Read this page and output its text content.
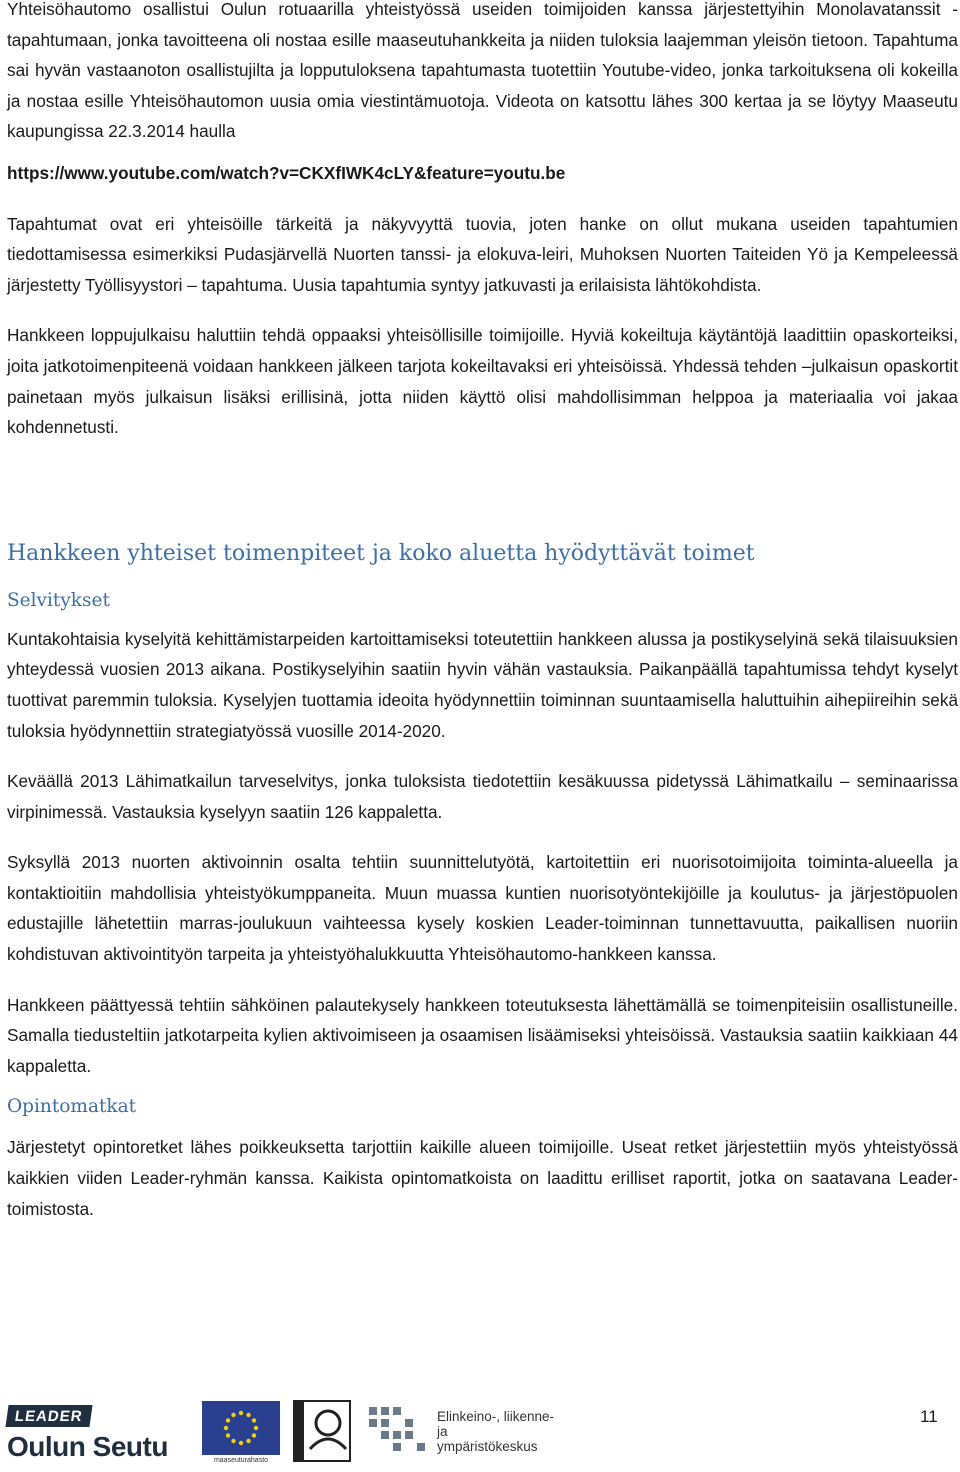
Yhteisöhautomo osallistui Oulun rotuaarilla yhteistyössä useiden toimijoiden kanssa järjestettyihin Monolavatanssit -tapahtumaan, jonka tavoitteena oli nostaa esille maaseutuhankkeita ja niiden tuloksia laajemman yleisön tietoon. Tapahtuma sai hyvän vastaanoton osallistujilta ja lopputuloksena tapahtumasta tuotettiin Youtube-video, jonka tarkoituksena oli kokeilla ja nostaa esille Yhteisöhautomon uusia omia viestintämuotoja. Videota on katsottu lähes 300 kertaa ja se löytyy Maaseutu kaupungissa 22.3.2014 haulla

https://www.youtube.com/watch?v=CKXfIWK4cLY&feature=youtu.be

Tapahtumat ovat eri yhteisöille tärkeitä ja näkyvyyttä tuovia, joten hanke on ollut mukana useiden tapahtumien tiedottamisessa esimerkiksi Pudasjärvellä Nuorten tanssi- ja elokuva-leiri, Muhoksen Nuorten Taiteiden Yö ja Kempeleessä järjestetty Työllisyystori – tapahtuma. Uusia tapahtumia syntyy jatkuvasti ja erilaisista lähtökohdista.

Hankkeen loppujulkaisu haluttiin tehdä oppaaksi yhteisöllisille toimijoille. Hyviä kokeiltuja käytäntöjä laadittiin opaskorteiksi, joita jatkotoimenpiteenä voidaan hankkeen jälkeen tarjota kokeiltavaksi eri yhteisöissä. Yhdessä tehden –julkaisun opaskortit painetaan myös julkaisun lisäksi erillisinä, jotta niiden käyttö olisi mahdollisimman helppoa ja materiaalia voi jakaa kohdennetusti.

Hankkeen yhteiset toimenpiteet ja koko aluetta hyödyttävät toimet
Selvitykset

Kuntakohtaisia kyselyitä kehittämistarpeiden kartoittamiseksi toteutettiin hankkeen alussa ja postikyselyinä sekä tilaisuuksien yhteydessä vuosien 2013 aikana. Postikyselyihin saatiin hyvin vähän vastauksia. Paikanpäällä tapahtumissa tehdyt kyselyt tuottivat paremmin tuloksia. Kyselyjen tuottamia ideoita hyödynnettiin toiminnan suuntaamisella haluttuihin aihepiireihin sekä tuloksia hyödynnettiin strategiatyössä vuosille 2014-2020.

Keväällä 2013 Lähimatkailun tarveselvitys, jonka tuloksista tiedotettiin kesäkuussa pidetyssä Lähimatkailu – seminaarissa virpinimessä. Vastauksia kyselyyn saatiin 126 kappaletta.

Syksyllä 2013 nuorten aktivoinnin osalta tehtiin suunnittelutyötä, kartoitettiin eri nuorisotoimijoita toiminta-alueella ja kontaktioitiin mahdollisia yhteistyökumppaneita. Muun muassa kuntien nuorisotyöntekijöille ja koulutus- ja järjestöpuolen edustajille lähetettiin marras-joulukuun vaihteessa kysely koskien Leader-toiminnan tunnettavuutta, paikallisen nuoriin kohdistuvan aktivointityön tarpeita ja yhteistyöhalukkuutta Yhteisöhautomo-hankkeen kanssa.

Hankkeen päättyessä tehtiin sähköinen palautekysely hankkeen toteutuksesta lähettämällä se toimenpiteisiin osallistuneille. Samalla tiedusteltiin jatkotarpeita kylien aktivoimiseen ja osaamisen lisäämiseksi yhteisöissä. Vastauksia saatiin kaikkiaan 44 kappaletta.

Opintomatkat

Järjestetyt opintoretket lähes poikkeuksetta tarjottiin kaikille alueen toimijoille. Useat retket järjestettiin myös yhteistyössä kaikkien viiden Leader-ryhmän kanssa. Kaikista opintomatkoista on laadittu erilliset raportit, jotka on saatavana Leader-toimistosta.

LEADER
Oulun Seutu	maaseuturahasto
Elinkeino-, liikenne- ja
ympäristökeskus
11
